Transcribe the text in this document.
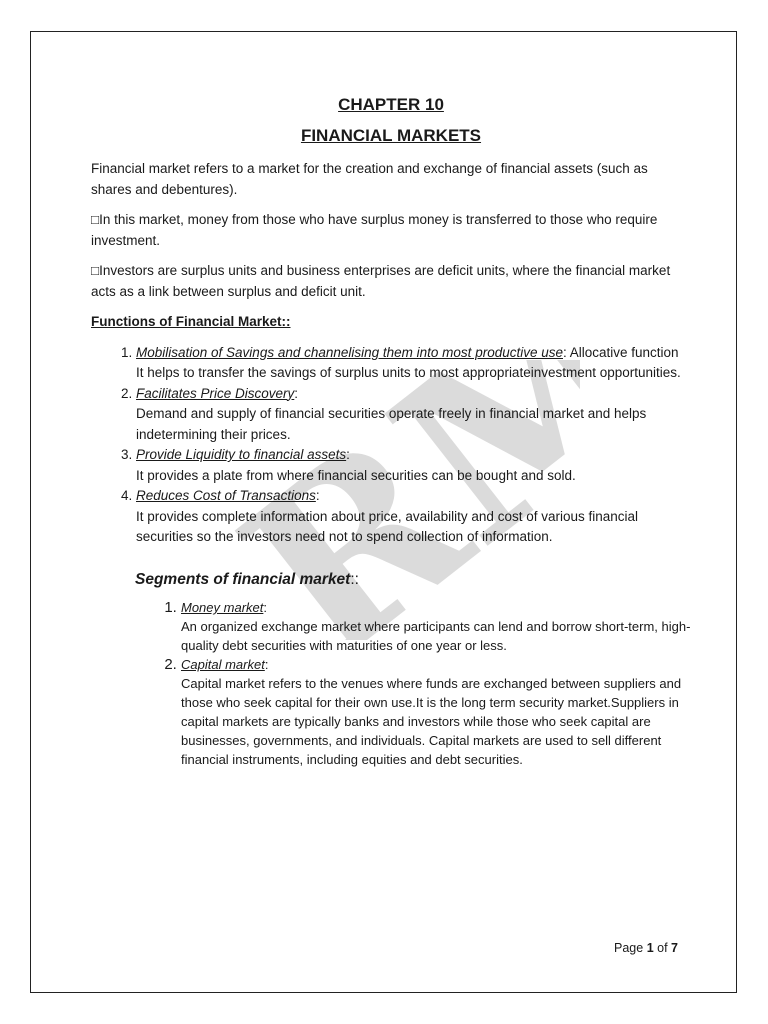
RM
CHAPTER 10
FINANCIAL MARKETS

Financial market refers to a market for the creation and exchange of financial assets (such as shares and debentures).

□In this market, money from those who have surplus money is transferred to those who require investment.

□Investors are surplus units and business enterprises are deficit units, where the financial market acts as a link between surplus and deficit unit.

Functions of Financial Market::
1. Mobilisation of Savings and channelising them into most productive use: Allocative function
It helps to transfer the savings of surplus units to most appropriateinvestment opportunities.
2. Facilitates Price Discovery:
Demand and supply of financial securities operate freely in financial market and helps indetermining their prices.
3. Provide Liquidity to financial assets:
It provides a plate from where financial securities can be bought and sold.
4. Reduces Cost of Transactions:
It provides complete information about price, availability and cost of various financial securities so the investors need not to spend collection of information.
Segments of financial market::
1. Money market:
An organized exchange market where participants can lend and borrow short-term, high-quality debt securities with maturities of one year or less.
2. Capital market:
Capital market refers to the venues where funds are exchanged between suppliers and those who seek capital for their own use.It is the long term security market.Suppliers in capital markets are typically banks and investors while those who seek capital are businesses, governments, and individuals. Capital markets are used to sell different financial instruments, including equities and debt securities.
Page 1 of 7
